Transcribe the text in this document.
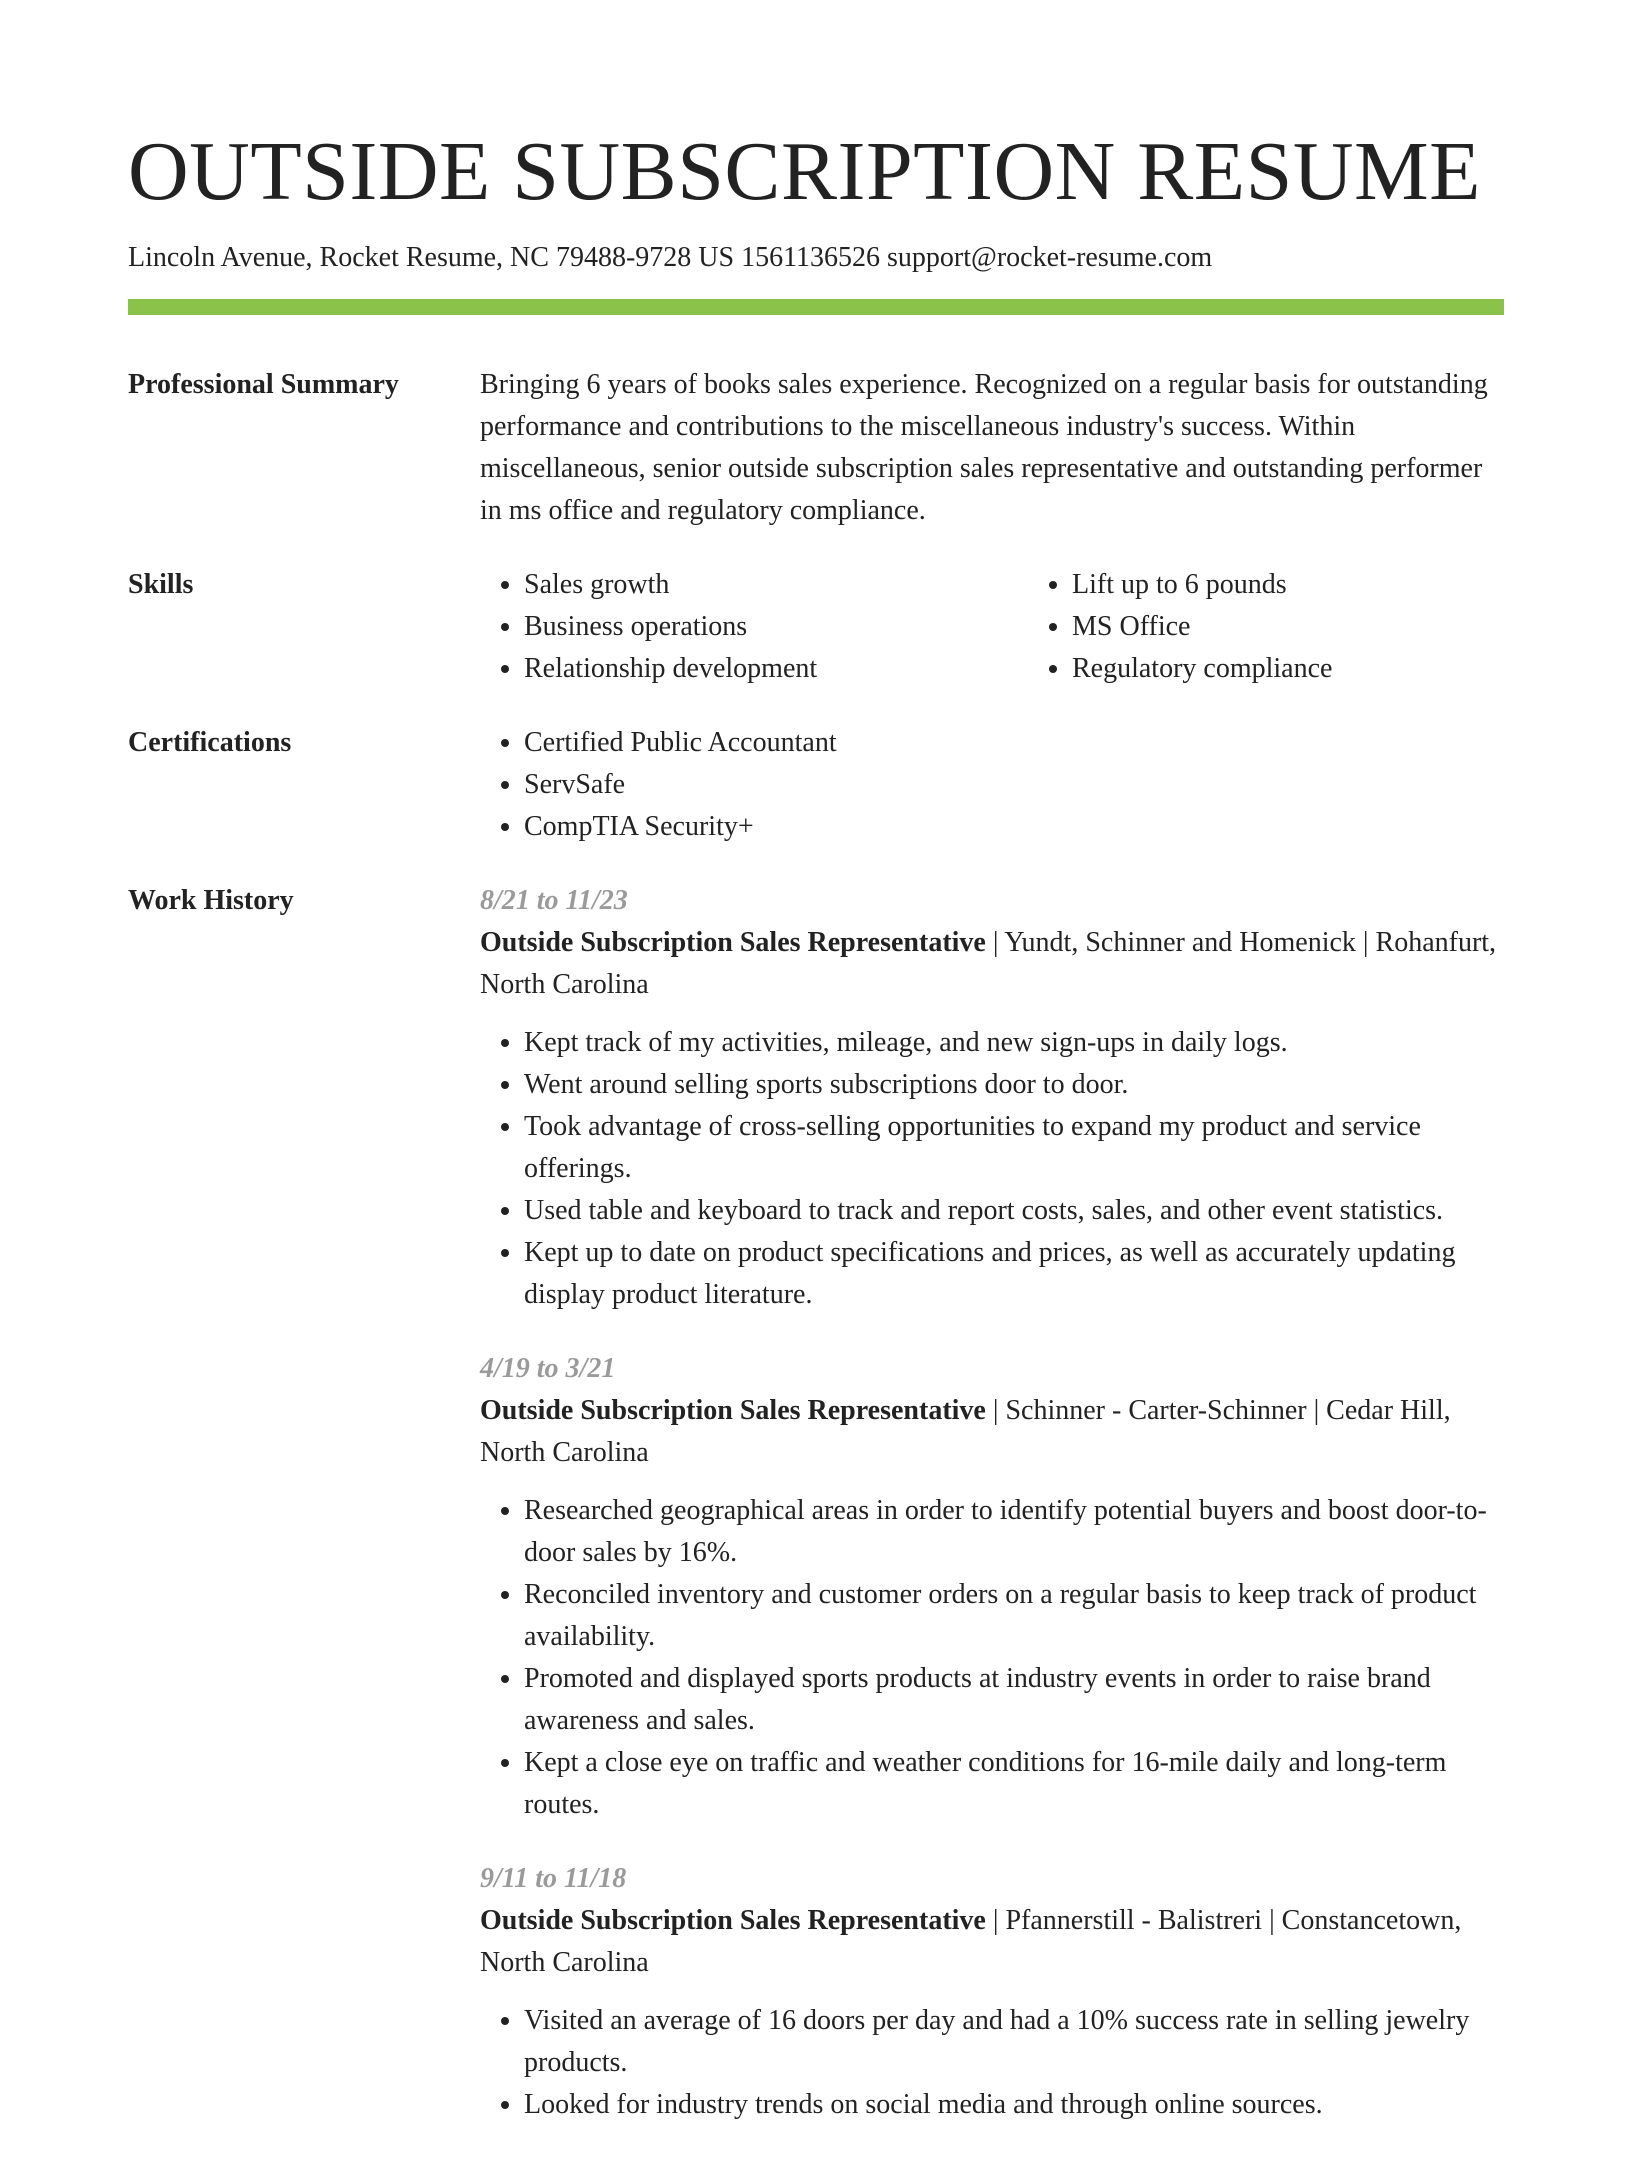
OUTSIDE SUBSCRIPTION RESUME
Lincoln Avenue, Rocket Resume, NC 79488-9728 US 1561136526 support@rocket-resume.com
Professional Summary	Bringing 6 years of books sales experience. Recognized on a regular basis for outstanding performance and contributions to the miscellaneous industry's success. Within miscellaneous, senior outside subscription sales representative and outstanding performer in ms office and regulatory compliance.
Skills	• Sales growth
• Business operations
• Relationship development
• Lift up to 6 pounds
• MS Office
• Regulatory compliance
Certifications	• Certified Public Accountant
• ServSafe
• CompTIA Security+
Work History	8/21 to 11/23
Outside Subscription Sales Representative | Yundt, Schinner and Homenick | Rohanfurt, North Carolina
• Kept track of my activities, mileage, and new sign-ups in daily logs.
• Went around selling sports subscriptions door to door.
• Took advantage of cross-selling opportunities to expand my product and service offerings.
• Used table and keyboard to track and report costs, sales, and other event statistics.
• Kept up to date on product specifications and prices, as well as accurately updating display product literature.
4/19 to 3/21
Outside Subscription Sales Representative | Schinner - Carter-Schinner | Cedar Hill, North Carolina
• Researched geographical areas in order to identify potential buyers and boost door-to-door sales by 16%.
• Reconciled inventory and customer orders on a regular basis to keep track of product availability.
• Promoted and displayed sports products at industry events in order to raise brand awareness and sales.
• Kept a close eye on traffic and weather conditions for 16-mile daily and long-term routes.
9/11 to 11/18
Outside Subscription Sales Representative | Pfannerstill - Balistreri | Constancetown, North Carolina
• Visited an average of 16 doors per day and had a 10% success rate in selling jewelry products.
• Looked for industry trends on social media and through online sources.
